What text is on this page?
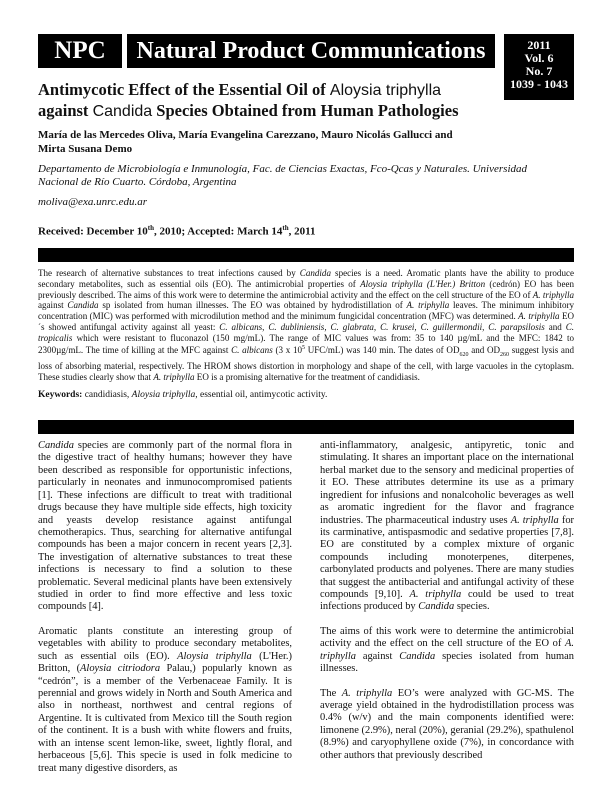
NPC	Natural Product Communications	2011
Vol. 6
No. 7
1039 - 1043
Antimycotic Effect of the Essential Oil of Aloysia triphylla
against Candida Species Obtained from Human Pathologies
María de las Mercedes Oliva, María Evangelina Carezzano, Mauro Nicolás Gallucci and Mirta Susana Demo
Departamento de Microbiología e Inmunología, Fac. de Ciencias Exactas, Fco-Qcas y Naturales. Universidad Nacional de Río Cuarto. Córdoba, Argentina
moliva@exa.unrc.edu.ar
Received: December 10th, 2010; Accepted: March 14th, 2011
The research of alternative substances to treat infections caused by Candida species is a need. Aromatic plants have the ability to produce secondary metabolites, such as essential oils (EO). The antimicrobial properties of Aloysia triphylla (L'Her.) Britton (cedrón) EO has been previously described. The aims of this work were to determine the antimicrobial activity and the effect on the cell structure of the EO of A. triphylla against Candida sp isolated from human illnesses. The EO was obtained by hydrodistillation of A. triphylla leaves. The minimum inhibitory concentration (MIC) was performed with microdilution method and the minimum fungicidal concentration (MFC) was determined. A. triphylla EO´s showed antifungal activity against all yeast: C. albicans, C. dubliniensis, C. glabrata, C. krusei, C. guillermondii, C. parapsilosis and C. tropicalis which were resistant to fluconazol (150 mg/mL). The range of MIC values was from: 35 to 140 µg/mL and the MFC: 1842 to 2300µg/mL. The time of killing at the MFC against C. albicans (3 x $10^5$ UFC/mL) was 140 min. The dates of $OD_{620}$ and $OD_{260}$ suggest lysis and loss of absorbing material, respectively. The HROM shows distortion in morphology and shape of the cell, with large vacuoles in the cytoplasm. These studies clearly show that A. triphylla EO is a promising alternative for the treatment of candidiasis.
Keywords: candidiasis, Aloysia triphylla, essential oil, antimycotic activity.

Candida species are commonly part of the normal flora in the digestive tract of healthy humans; however they have been described as responsible for opportunistic infections, particularly in neonates and inmunocompromised patients [1]. These infections are difficult to treat with traditional drugs because they have multiple side effects, high toxicity and yeasts develop resistance against antifungal chemotherapics. Thus, searching for alternative antifungal compounds has been a major concern in recent years [2,3]. The investigation of alternative substances to treat these infections is necessary to find a solution to these problematic. Several medicinal plants have been extensively studied in order to find more effective and less toxic compounds [4].

Aromatic plants constitute an interesting group of vegetables with ability to produce secondary metabolites, such as essential oils (EO). Aloysia triphylla (L'Her.) Britton, (Aloysia citriodora Palau,) popularly known as “cedrón”, is a member of the Verbenaceae Family. It is perennial and grows widely in North and South America and also in northeast, northwest and central regions of Argentine. It is cultivated from Mexico till the South region of the continent. It is a bush with white flowers and fruits, with an intense scent lemon-like, sweet, lightly floral, and herbaceous [5,6]. This specie is used in folk medicine to treat many digestive disorders, as

anti-inflammatory, analgesic, antipyretic, tonic and stimulating. It shares an important place on the international herbal market due to the sensory and medicinal properties of it EO. These attributes determine its use as a primary ingredient for infusions and nonalcoholic beverages as well as aromatic ingredient for the flavor and fragrance industries. The pharmaceutical industry uses A. triphylla for its carminative, antispasmodic and sedative properties [7,8]. EO are constituted by a complex mixture of organic compounds including monoterpenes, diterpenes, carbonylated products and polyenes. There are many studies that suggest the antibacterial and antifungal activity of these compounds [9,10]. A. triphylla could be used to treat infections produced by Candida species.

The aims of this work were to determine the antimicrobial activity and the effect on the cell structure of the EO of A. triphylla against Candida species isolated from human illnesses.

The A. triphylla EO’s were analyzed with GC-MS. The average yield obtained in the hydrodistillation process was 0.4% (w/v) and the main components identified were: limonene (2.9%), neral (20%), geranial (29.2%), spathulenol (8.9%) and caryophyllene oxide (7%), in concordance with other authors that previously described
